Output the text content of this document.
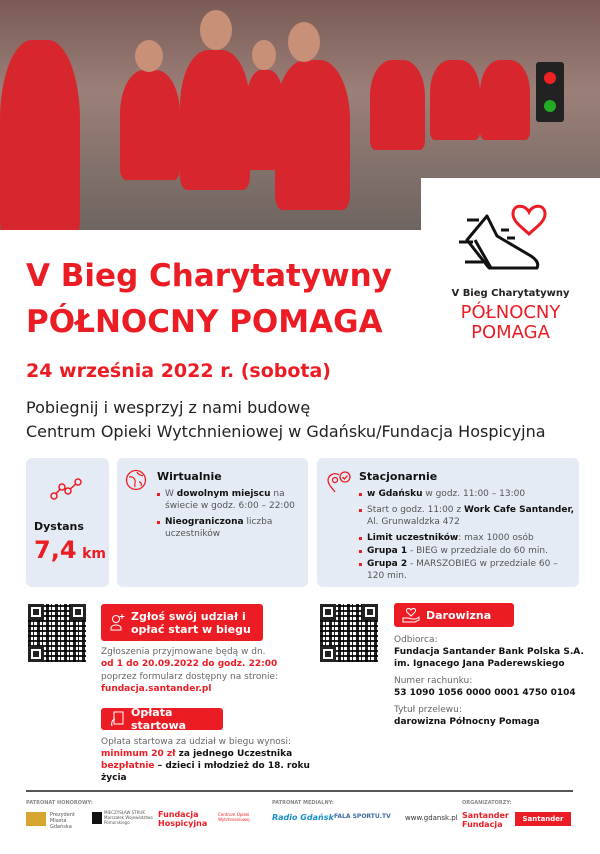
V Bieg Charytatywny
PÓŁNOCNY
POMAGA
V Bieg Charytatywny
PÓŁNOCNY POMAGA
24 września 2022 r. (sobota)
Pobiegnij i wesprzyj z nami budowę
Centrum Opieki Wytchnieniowej w Gdańsku/Fundacja Hospicyjna
Dystans
7,4 km
Wirtualnie
W dowolnym miejscu na świecie w godz. 6:00 – 22:00
Nieograniczona liczba uczestników
Stacjonarnie
w Gdańsku w godz. 11:00 – 13:00
Start o godz. 11:00 z Work Cafe Santander,
Al. Grunwaldzka 472
Limit uczestników: max 1000 osób
Grupa 1 - BIEG w przedziale do 60 min.
Grupa 2 - MARSZOBIEG w przedziale 60 – 120 min.
Zgłoś swój udział i opłać start w biegu
Zgłoszenia przyjmowane będą w dn.
od 1 do 20.09.2022 do godz. 22:00
poprzez formularz dostępny na stronie:
fundacja.santander.pl
Opłata startowa
Opłata startowa za udział w biegu wynosi:
minimum 20 zł za jednego Uczestnika
bezpłatnie – dzieci i młodzież do 18. roku życia
Darowizna
Odbiorca:
Fundacja Santander Bank Polska S.A.
im. Ignacego Jana Paderewskiego
Numer rachunku:
53 1090 1056 0000 0001 4750 0104
Tytuł przelewu:
darowizna Północny Pomaga
PATRONAT HONOROWY:	PATRONAT MEDIALNY:	ORGANIZATORZY:
Prezydent Miasta Gdańska
MIECZYSŁAW STRUK Marszałek Województwa Pomorskiego
Fundacja Hospicyjna
Centrum Opieki Wytchnieniowej	Radio Gdańsk FALA SPORTU.TV www.gdansk.pl Santander Fundacja
Santander
